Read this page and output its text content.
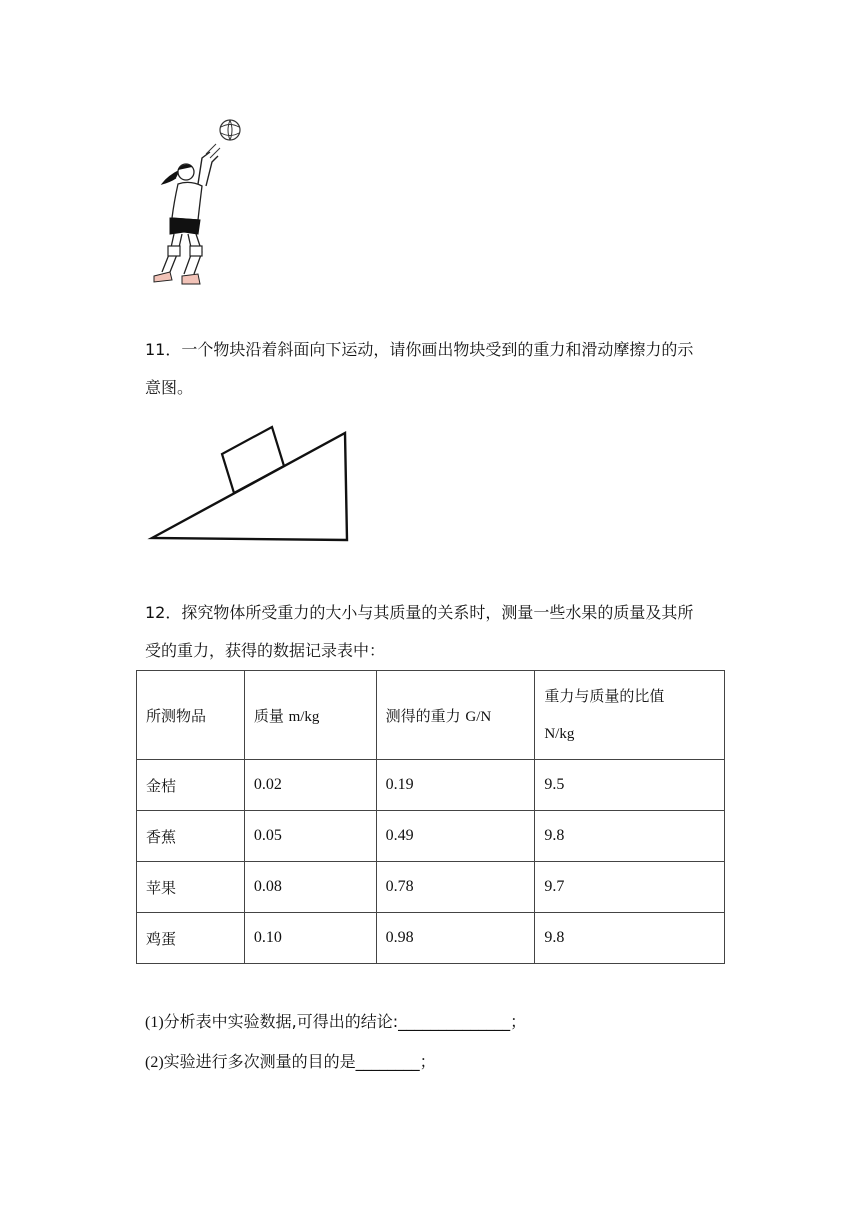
11．一个物块沿着斜面向下运动，请你画出物块受到的重力和滑动摩擦力的示
意图。

12．探究物体所受重力的大小与其质量的关系时，测量一些水果的质量及其所
受的重力，获得的数据记录表中：

所测物品	质量 m/kg	测得的重力 G/N	重力与质量的比值
N/kg

金桔	0.02	0.19	9.5
香蕉	0.05	0.49	9.8
苹果	0.08	0.78	9.7
鸡蛋	0.10	0.98	9.8

(1)分析表中实验数据,可得出的结论:______________；

(2)实验进行多次测量的目的是________；
